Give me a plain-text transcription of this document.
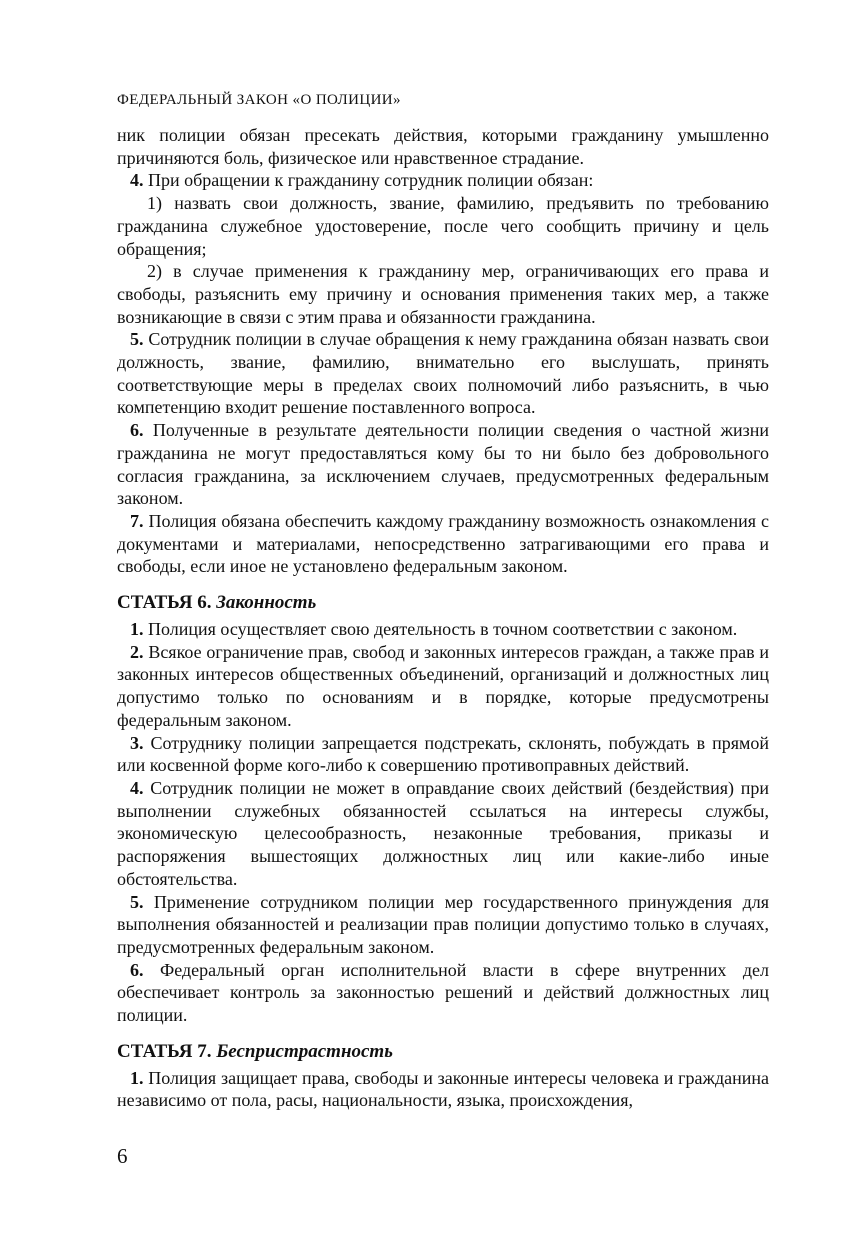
ФЕДЕРАЛЬНЫЙ ЗАКОН «О ПОЛИЦИИ»

ник полиции обязан пресекать действия, которыми гражданину умышленно причиняются боль, физическое или нравственное страдание.

4. При обращении к гражданину сотрудник полиции обязан:

1) назвать свои должность, звание, фамилию, предъявить по требованию гражданина служебное удостоверение, после чего сообщить причину и цель обращения;

2) в случае применения к гражданину мер, ограничивающих его права и свободы, разъяснить ему причину и основания применения таких мер, а также возникающие в связи с этим права и обязанности гражданина.

5. Сотрудник полиции в случае обращения к нему гражданина обязан назвать свои должность, звание, фамилию, внимательно его выслушать, принять соответствующие меры в пределах своих полномочий либо разъяснить, в чью компетенцию входит решение поставленного вопроса.

6. Полученные в результате деятельности полиции сведения о частной жизни гражданина не могут предоставляться кому бы то ни было без добровольного согласия гражданина, за исключением случаев, предусмотренных федеральным законом.

7. Полиция обязана обеспечить каждому гражданину возможность ознакомления с документами и материалами, непосредственно затрагивающими его права и свободы, если иное не установлено федеральным законом.

СТАТЬЯ 6. Законность

1. Полиция осуществляет свою деятельность в точном соответствии с законом.

2. Всякое ограничение прав, свобод и законных интересов граждан, а также прав и законных интересов общественных объединений, организаций и должностных лиц допустимо только по основаниям и в порядке, которые предусмотрены федеральным законом.

3. Сотруднику полиции запрещается подстрекать, склонять, побуждать в прямой или косвенной форме кого-либо к совершению противоправных действий.

4. Сотрудник полиции не может в оправдание своих действий (бездействия) при выполнении служебных обязанностей ссылаться на интересы службы, экономическую целесообразность, незаконные требования, приказы и распоряжения вышестоящих должностных лиц или какие-либо иные обстоятельства.

5. Применение сотрудником полиции мер государственного принуждения для выполнения обязанностей и реализации прав полиции допустимо только в случаях, предусмотренных федеральным законом.

6. Федеральный орган исполнительной власти в сфере внутренних дел обеспечивает контроль за законностью решений и действий должностных лиц полиции.

СТАТЬЯ 7. Беспристрастность

1. Полиция защищает права, свободы и законные интересы человека и гражданина независимо от пола, расы, национальности, языка, происхождения,

6
